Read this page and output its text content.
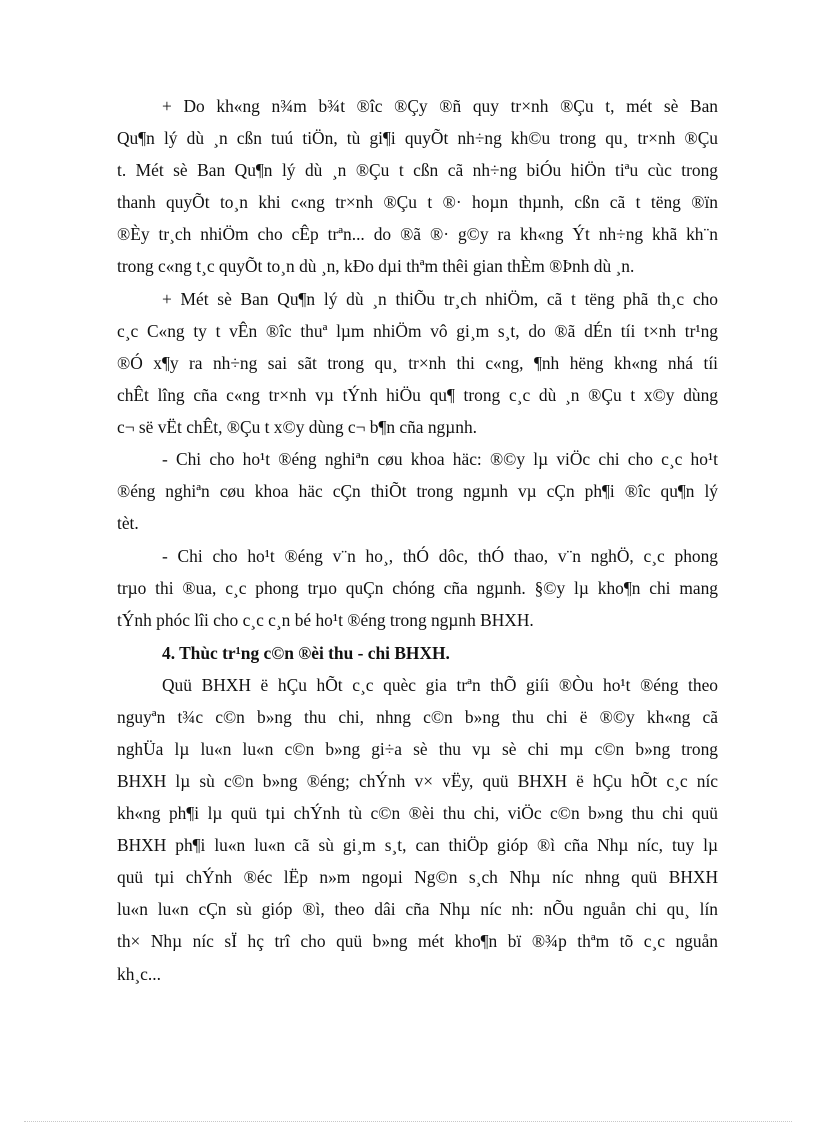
+ Do kh«ng n¾m b¾t ®îc ®Çy ®ñ quy tr×nh ®Çu t, mét sè Ban

Qu¶n lý dù ¸n cßn tuú tiÖn, tù gi¶i quyÕt nh÷ng kh©u trong qu¸ tr×nh ®Çu

t. Mét sè Ban Qu¶n lý dù ¸n ®Çu t cßn cã nh÷ng biÓu hiÖn tiªu cùc trong

thanh quyÕt to¸n khi c«ng tr×nh ®Çu t ®· hoµn thµnh, cßn cã t tëng ®ïn

®Èy tr¸ch nhiÖm cho cÊp trªn... do ®ã ®· g©y ra kh«ng Ýt nh÷ng khã kh¨n

trong c«ng t¸c quyÕt to¸n dù ¸n, kÐo dµi thªm thêi gian thÈm ®Þnh dù ¸n.

+ Mét sè Ban Qu¶n lý dù ¸n thiÕu tr¸ch nhiÖm, cã t tëng phã th¸c cho

c¸c C«ng ty t vÊn ®îc thuª lµm nhiÖm vô gi¸m s¸t, do ®ã dÉn tíi t×nh tr¹ng

®Ó x¶y ra nh÷ng sai sãt trong qu¸ tr×nh thi c«ng, ¶nh hëng kh«ng nhá tíi

chÊt lîng cña c«ng tr×nh vµ tÝnh hiÖu qu¶ trong c¸c dù ¸n ®Çu t x©y dùng

c¬ së vËt chÊt, ®Çu t x©y dùng c¬ b¶n cña ngµnh.

- Chi cho ho¹t ®éng nghiªn cøu khoa häc: ®©y lµ viÖc chi cho c¸c ho¹t

®éng nghiªn cøu khoa häc cÇn thiÕt trong ngµnh vµ cÇn ph¶i ®îc qu¶n lý

tèt.

- Chi cho ho¹t ®éng v¨n ho¸, thÓ dôc, thÓ thao, v¨n nghÖ, c¸c phong

trµo thi ®ua, c¸c phong trµo quÇn chóng cña ngµnh. §©y lµ kho¶n chi mang

tÝnh phóc lîi cho c¸c c¸n bé ho¹t ®éng trong ngµnh BHXH.

4. Thùc tr¹ng c©n ®èi thu - chi BHXH.

Quü BHXH ë hÇu hÕt c¸c quèc gia trªn thÕ giíi ®Òu ho¹t ®éng theo

nguyªn t¾c c©n b»ng thu chi, nhng c©n b»ng thu chi ë ®©y kh«ng cã

nghÜa lµ lu«n lu«n c©n b»ng gi÷a sè thu vµ sè chi mµ c©n b»ng trong

BHXH lµ sù c©n b»ng ®éng; chÝnh v× vËy, quü BHXH ë hÇu hÕt c¸c níc

kh«ng ph¶i lµ quü tµi chÝnh tù c©n ®èi thu chi, viÖc c©n b»ng thu chi quü

BHXH ph¶i lu«n lu«n cã sù gi¸m s¸t, can thiÖp gióp ®ì cña Nhµ níc, tuy lµ

quü tµi chÝnh ®éc lËp n»m ngoµi Ng©n s¸ch Nhµ níc nhng quü BHXH

lu«n lu«n cÇn sù gióp ®ì, theo dâi cña Nhµ níc nh: nÕu nguån chi qu¸ lín

th× Nhµ níc sÏ hç trî cho quü b»ng mét kho¶n bï ®¾p thªm tõ c¸c nguån

kh¸c...
